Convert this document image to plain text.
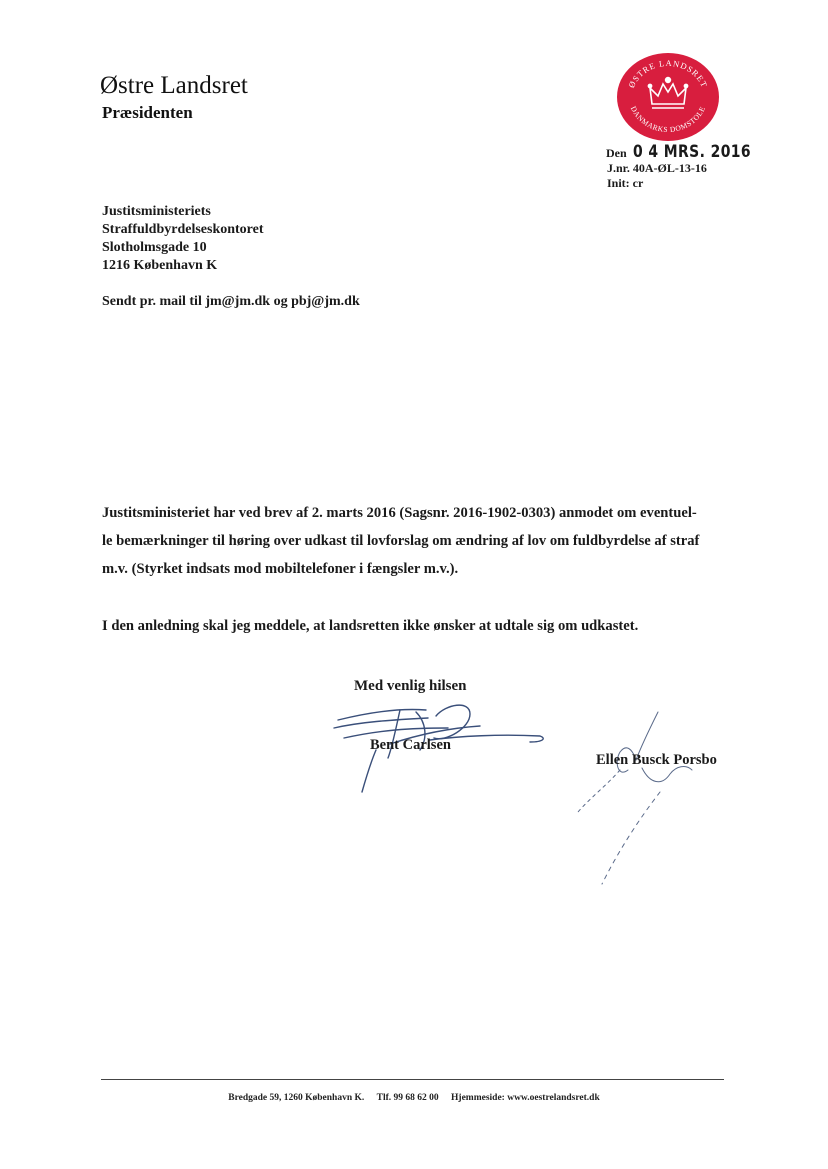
Østre Landsret
Præsidenten
ØSTRE LANDSRET
DANMARKS DOMSTOLE
Den 0 4 MRS. 2016
J.nr. 40A-ØL-13-16
Init: cr
Justitsministeriets
Straffuldbyrdelseskontoret
Slotholmsgade 10
1216 København K
Sendt pr. mail til jm@jm.dk og pbj@jm.dk
Justitsministeriet har ved brev af 2. marts 2016 (Sagsnr. 2016-1902-0303) anmodet om eventuel-
le bemærkninger til høring over udkast til lovforslag om ændring af lov om fuldbyrdelse af straf
m.v. (Styrket indsats mod mobiltelefoner i fængsler m.v.).
I den anledning skal jeg meddele, at landsretten ikke ønsker at udtale sig om udkastet.
Med venlig hilsen
Bent Carlsen
Ellen Busck Porsbo
Bredgade 59, 1260 København K. Tlf. 99 68 62 00 Hjemmeside: www.oestrelandsret.dk
